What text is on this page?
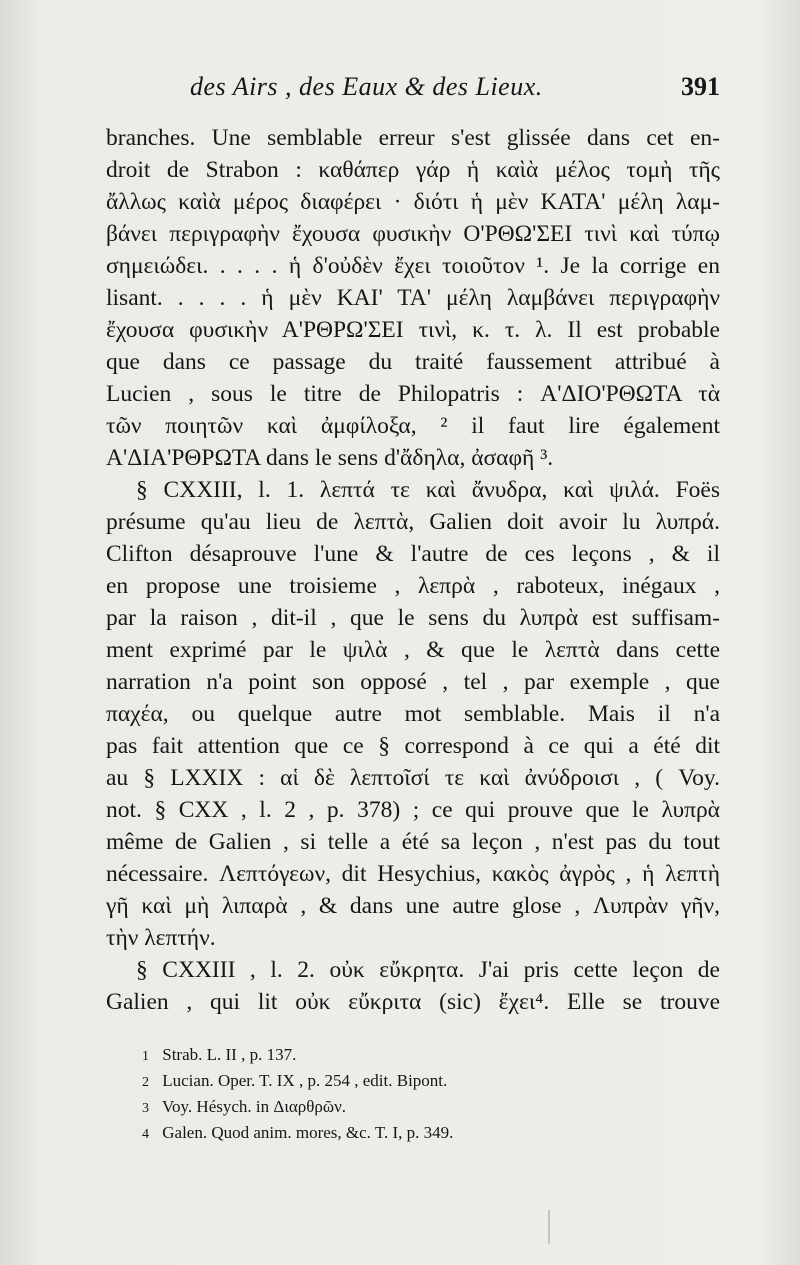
des Airs , des Eaux & des Lieux.	391
branches. Une semblable erreur s'est glissée dans cet en-
droit de Strabon : καθάπερ γάρ ἡ καὶὰ μέλος τομὴ τῆς
ἄλλως καὶὰ μέρος διαφέρει · διότι ἡ μὲν ΚΑΤΑ' μέλη λαμ-
βάνει περιγραφὴν ἔχουσα φυσικὴν Ο'ΡΘΩ'ΣΕΙ τινὶ καὶ τύπῳ
σημειώδει. . . . . ἡ δ'οὐδὲν ἔχει τοιοῦτον ¹. Je la corrige en
lisant. . . . . ἡ μὲν ΚΑΙ' ΤΑ' μέλη λαμβάνει περιγραφὴν
ἔχουσα φυσικὴν Α'ΡΘΡΩ'ΣΕΙ τινὶ, κ. τ. λ. Il est probable
que dans ce passage du traité faussement attribué à
Lucien , sous le titre de Philopatris : Α'ΔΙΟ'ΡΘΩΤΑ τὰ
τῶν ποιητῶν καὶ ἀμφίλοξα, ² il faut lire également
Α'ΔΙΑ'ΡΘΡΩΤΑ dans le sens d'ἄδηλα, ἀσαφῆ ³.
§ CXXIII, l. 1. λεπτά τε καὶ ἄνυδρα, καὶ ψιλά. Foës
présume qu'au lieu de λεπτὰ, Galien doit avoir lu λυπρά.
Clifton désaprouve l'une & l'autre de ces leçons , & il
en propose une troisieme , λεπρὰ , raboteux, inégaux ,
par la raison , dit-il , que le sens du λυπρὰ est suffisam-
ment exprimé par le ψιλὰ , & que le λεπτὰ dans cette
narration n'a point son opposé , tel , par exemple , que
παχέα, ou quelque autre mot semblable. Mais il n'a
pas fait attention que ce § correspond à ce qui a été dit
au § LXXIX : αἱ δὲ λεπτοῖσί τε καὶ ἀνύδροισι , ( Voy.
not. § CXX , l. 2 , p. 378) ; ce qui prouve que le λυπρὰ
même de Galien , si telle a été sa leçon , n'est pas du tout
nécessaire. Λεπτόγεων, dit Hesychius, κακὸς ἀγρὸς , ἡ λεπτὴ
γῆ καὶ μὴ λιπαρὰ , & dans une autre glose , Λυπρὰν γῆν,
τὴν λεπτήν.
§ CXXIII , l. 2. οὐκ εὔκρητα. J'ai pris cette leçon de
Galien , qui lit οὐκ εὔκριτα (sic) ἔχει⁴. Elle se trouve
1 Strab. L. II , p. 137.
2 Lucian. Oper. T. IX , p. 254 , edit. Bipont.
3 Voy. Hésych. in Διαρθρῶν.
4 Galen. Quod anim. mores, &c. T. I, p. 349.
